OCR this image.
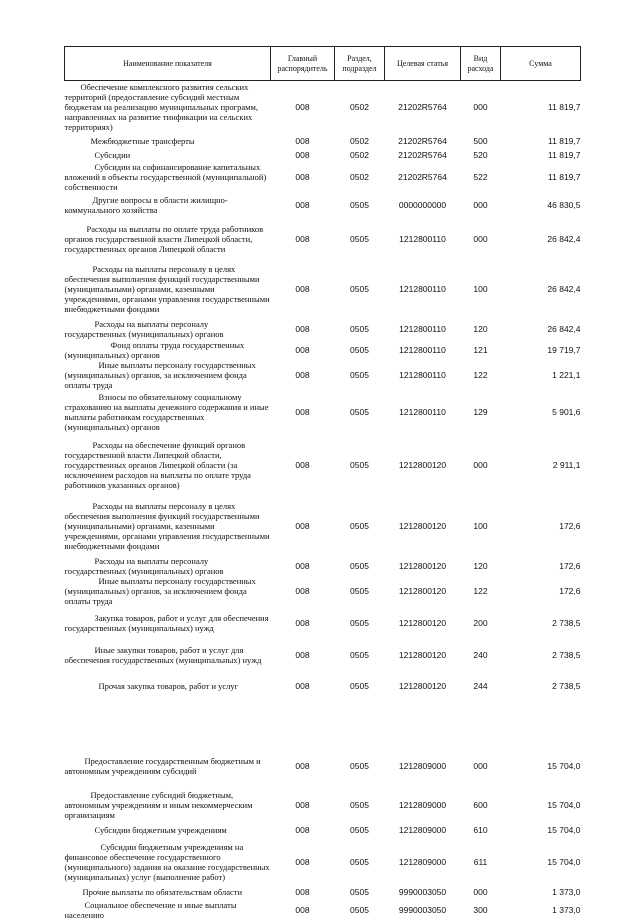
Наименование показателя	Главный распорядитель	Раздел, подраздел	Целевая статья	Вид расхода	Сумма
Обеспечение комплексного развития сельских территорий (предоставление субсидий местным бюджетам на реализацию муниципальных программ, направленных на развитие тинфикации на сельских территориях)	008	0502	21202R5764	000	11 819,7
Межбюджетные трансферты	008	0502	21202R5764	500	11 819,7
Субсидии	008	0502	21202R5764	520	11 819,7
Субсидии на софинансирование капитальных вложений в объекты государственной (муниципальной) собственности	008	0502	21202R5764	522	11 819,7
Другие вопросы в области жилищно-коммунального хозяйства	008	0505	0000000000	000	46 830,5
Расходы на выплаты по оплате труда работников органов государственной власти Липецкой области, государственных органов Липецкой области	008	0505	1212800110	000	26 842,4
Расходы на выплаты персоналу в целях обеспечения выполнения функций государственными (муниципальными) органами, казенными учреждениями, органами управления государственными внебюджетными фондами	008	0505	1212800110	100	26 842,4
Расходы на выплаты персоналу государственных (муниципальных) органов	008	0505	1212800110	120	26 842,4
Фонд оплаты труда государственных (муниципальных) органов	008	0505	1212800110	121	19 719,7
Иные выплаты персоналу государственных (муниципальных) органов, за исключением фонда оплаты труда	008	0505	1212800110	122	1 221,1
Взносы по обязательному социальному страхованию на выплаты денежного содержания и иные выплаты работникам государственных (муниципальных) органов	008	0505	1212800110	129	5 901,6
Расходы на обеспечение функций органов государственной власти Липецкой области, государственных органов Липецкой области (за исключением расходов на выплаты по оплате труда работников указанных органов)	008	0505	1212800120	000	2 911,1
Расходы на выплаты персоналу в целях обеспечения выполнения функций государственными (муниципальными) органами, казенными учреждениями, органами управления государственными внебюджетными фондами	008	0505	1212800120	100	172,6
Расходы на выплаты персоналу государственных (муниципальных) органов	008	0505	1212800120	120	172,6
Иные выплаты персоналу государственных (муниципальных) органов, за исключением фонда оплаты труда	008	0505	1212800120	122	172,6
Закупка товаров, работ и услуг для обеспечения государственных (муниципальных) нужд	008	0505	1212800120	200	2 738,5
Иные закупки товаров, работ и услуг для обеспечения государственных (муниципальных) нужд	008	0505	1212800120	240	2 738,5
Прочая закупка товаров, работ и услуг	008	0505	1212800120	244	2 738,5

Предоставление государственным бюджетным и автономным учреждениям субсидий	008	0505	1212809000	000	15 704,0
Предоставление субсидий бюджетным, автономным учреждениям и иным некоммерческим организациям	008	0505	1212809000	600	15 704,0
Субсидии бюджетным учреждениям	008	0505	1212809000	610	15 704,0
Субсидии бюджетным учреждениям на финансовое обеспечение государственного (муниципального) задания на оказание государственных (муниципальных) услуг (выполнение работ)	008	0505	1212809000	611	15 704,0
Прочие выплаты по обязательствам области	008	0505	9990003050	000	1 373,0
Социальное обеспечение и иные выплаты населению	008	0505	9990003050	300	1 373,0
